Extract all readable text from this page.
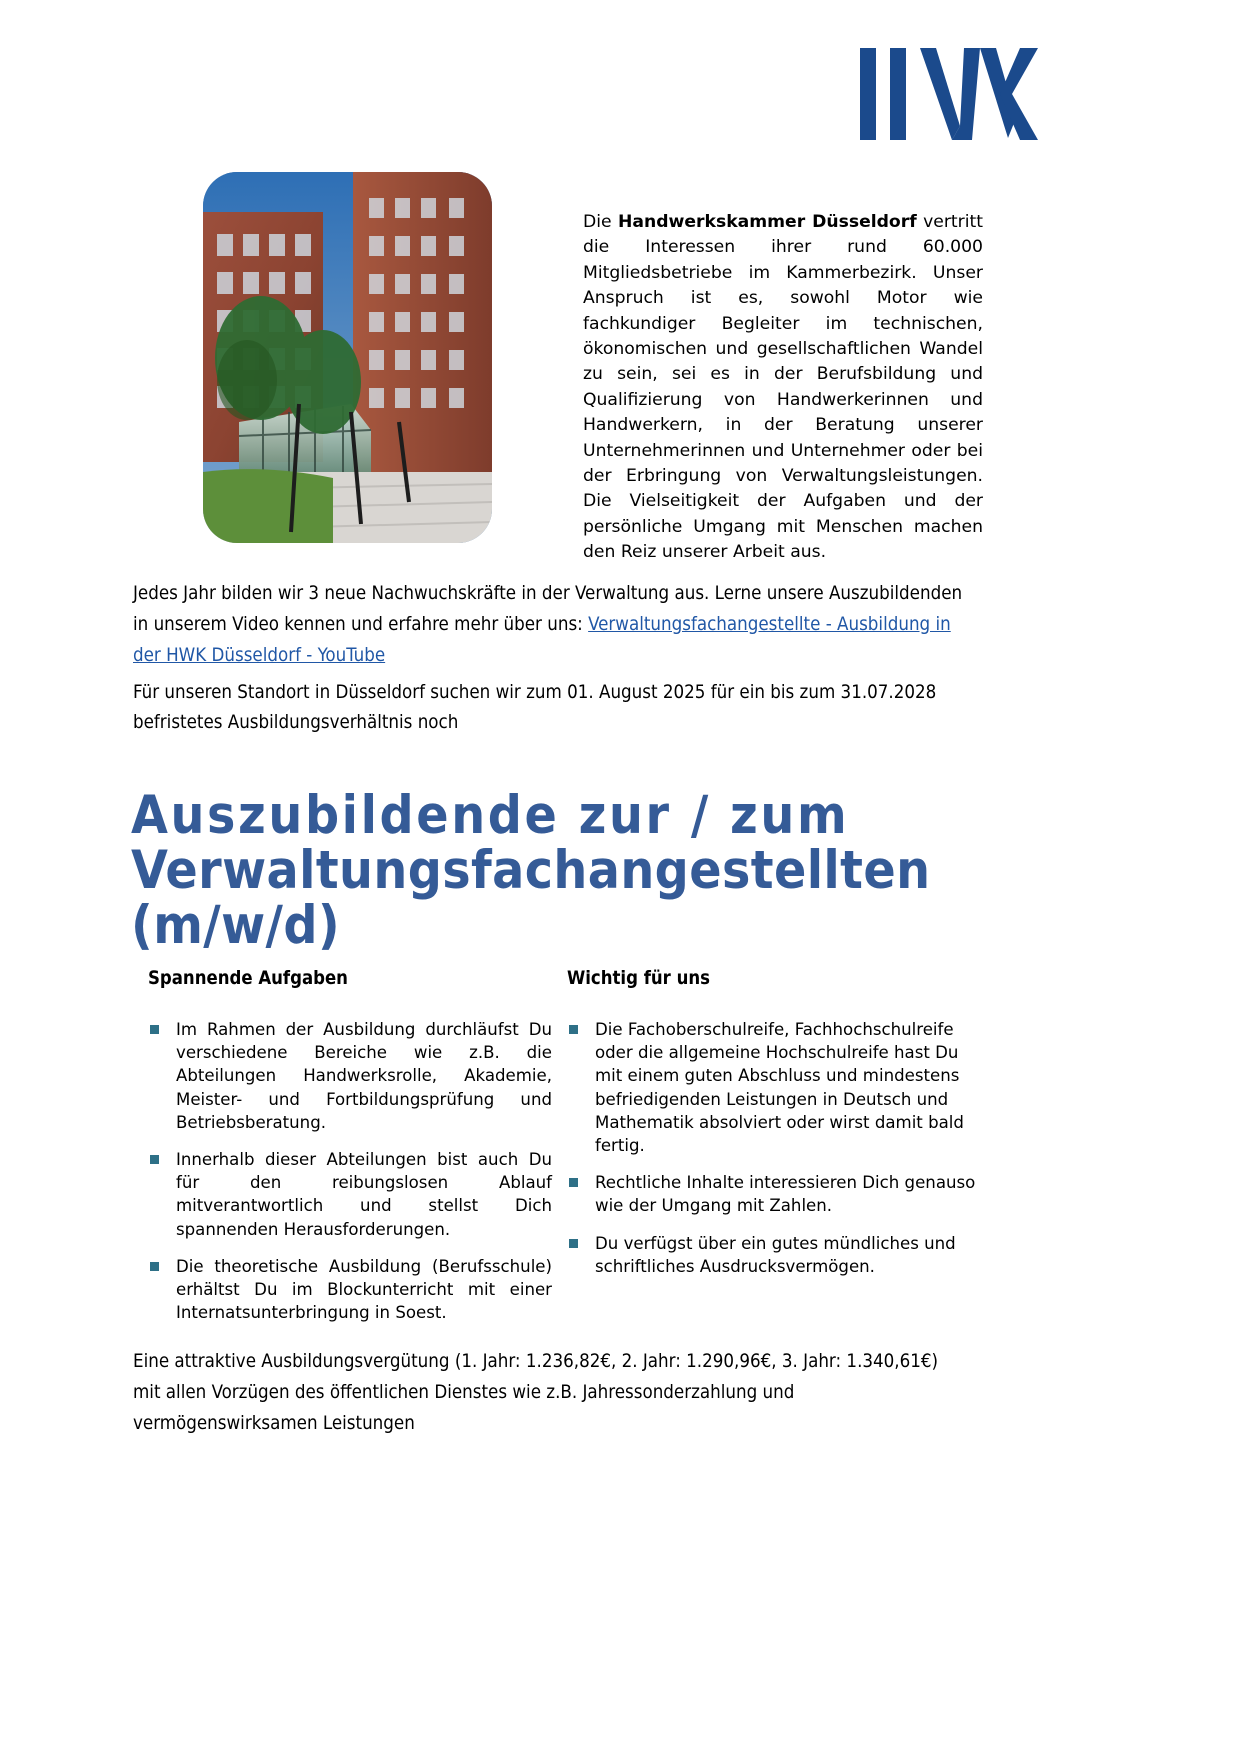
Die Handwerkskammer Düsseldorf vertritt die Interessen ihrer rund 60.000 Mitgliedsbetriebe im Kammerbezirk. Unser Anspruch ist es, sowohl Motor wie fachkundiger Begleiter im technischen, ökonomischen und gesellschaftlichen Wandel zu sein, sei es in der Berufsbildung und Qualifizierung von Handwerkerinnen und Handwerkern, in der Beratung unserer Unternehmerinnen und Unternehmer oder bei der Erbringung von Verwaltungsleistungen. Die Vielseitigkeit der Aufgaben und der persönliche Umgang mit Menschen machen den Reiz unserer Arbeit aus.
Jedes Jahr bilden wir 3 neue Nachwuchskräfte in der Verwaltung aus. Lerne unsere Auszubildenden in unserem Video kennen und erfahre mehr über uns: Verwaltungsfachangestellte - Ausbildung in der HWK Düsseldorf - YouTube
Für unseren Standort in Düsseldorf suchen wir zum 01. August 2025 für ein bis zum 31.07.2028
befristetes Ausbildungsverhältnis noch
Auszubildende zur / zum
Verwaltungsfachangestellten
(m/w/d)
Spannende Aufgaben
Im Rahmen der Ausbildung durchläufst Du verschiedene Bereiche wie z.B. die Abteilungen Handwerksrolle, Akademie, Meister- und Fortbildungsprüfung und Betriebsberatung.
Innerhalb dieser Abteilungen bist auch Du für den reibungslosen Ablauf mitverantwortlich und stellst Dich spannenden Herausforderungen.
Die theoretische Ausbildung (Berufsschule) erhältst Du im Blockunterricht mit einer Internatsunterbringung in Soest.
Wichtig für uns
Die Fachoberschulreife, Fachhochschulreife oder die allgemeine Hochschulreife hast Du mit einem guten Abschluss und mindestens befriedigenden Leistungen in Deutsch und Mathematik absolviert oder wirst damit bald fertig.
Rechtliche Inhalte interessieren Dich genauso wie der Umgang mit Zahlen.
Du verfügst über ein gutes mündliches und schriftliches Ausdrucksvermögen.
Eine attraktive Ausbildungsvergütung (1. Jahr: 1.236,82€, 2. Jahr: 1.290,96€, 3. Jahr: 1.340,61€)
mit allen Vorzügen des öffentlichen Dienstes wie z.B. Jahressonderzahlung und
vermögenswirksamen Leistungen
